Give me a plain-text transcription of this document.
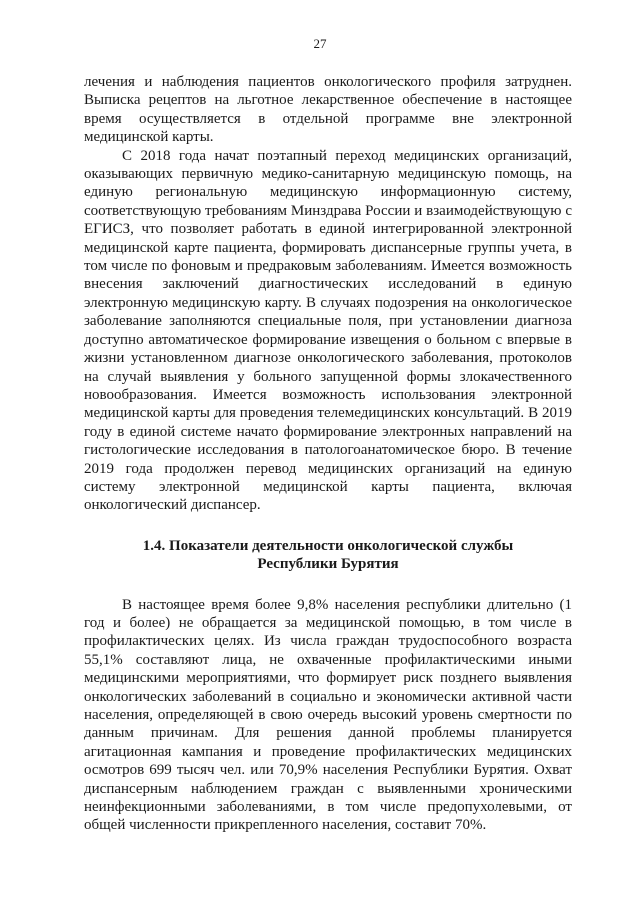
27

лечения и наблюдения пациентов онкологического профиля затруднен. Выписка рецептов на льготное лекарственное обеспечение в настоящее время осуществляется в отдельной программе вне электронной медицинской карты.

С 2018 года начат поэтапный переход медицинских организаций, оказывающих первичную медико-санитарную медицинскую помощь, на единую региональную медицинскую информационную систему, соответствующую требованиям Минздрава России и взаимодействующую с ЕГИСЗ, что позволяет работать в единой интегрированной электронной медицинской карте пациента, формировать диспансерные группы учета, в том числе по фоновым и предраковым заболеваниям. Имеется возможность внесения заключений диагностических исследований в единую электронную медицинскую карту. В случаях подозрения на онкологическое заболевание заполняются специальные поля, при установлении диагноза доступно автоматическое формирование извещения о больном с впервые в жизни установленном диагнозе онкологического заболевания, протоколов на случай выявления у больного запущенной формы злокачественного новообразования. Имеется возможность использования электронной медицинской карты для проведения телемедицинских консультаций. В 2019 году в единой системе начато формирование электронных направлений на гистологические исследования в патологоанатомическое бюро. В течение 2019 года продолжен перевод медицинских организаций на единую систему электронной медицинской карты пациента, включая онкологический диспансер.

1.4. Показатели деятельности онкологической службы
Республики Бурятия

В настоящее время более 9,8% населения республики длительно (1 год и более) не обращается за медицинской помощью, в том числе в профилактических целях. Из числа граждан трудоспособного возраста 55,1% составляют лица, не охваченные профилактическими иными медицинскими мероприятиями, что формирует риск позднего выявления онкологических заболеваний в социально и экономически активной части населения, определяющей в свою очередь высокий уровень смертности по данным причинам. Для решения данной проблемы планируется агитационная кампания и проведение профилактических медицинских осмотров 699 тысяч чел. или 70,9% населения Республики Бурятия. Охват диспансерным наблюдением граждан с выявленными хроническими неинфекционными заболеваниями, в том числе предопухолевыми, от общей численности прикрепленного населения, составит 70%.
